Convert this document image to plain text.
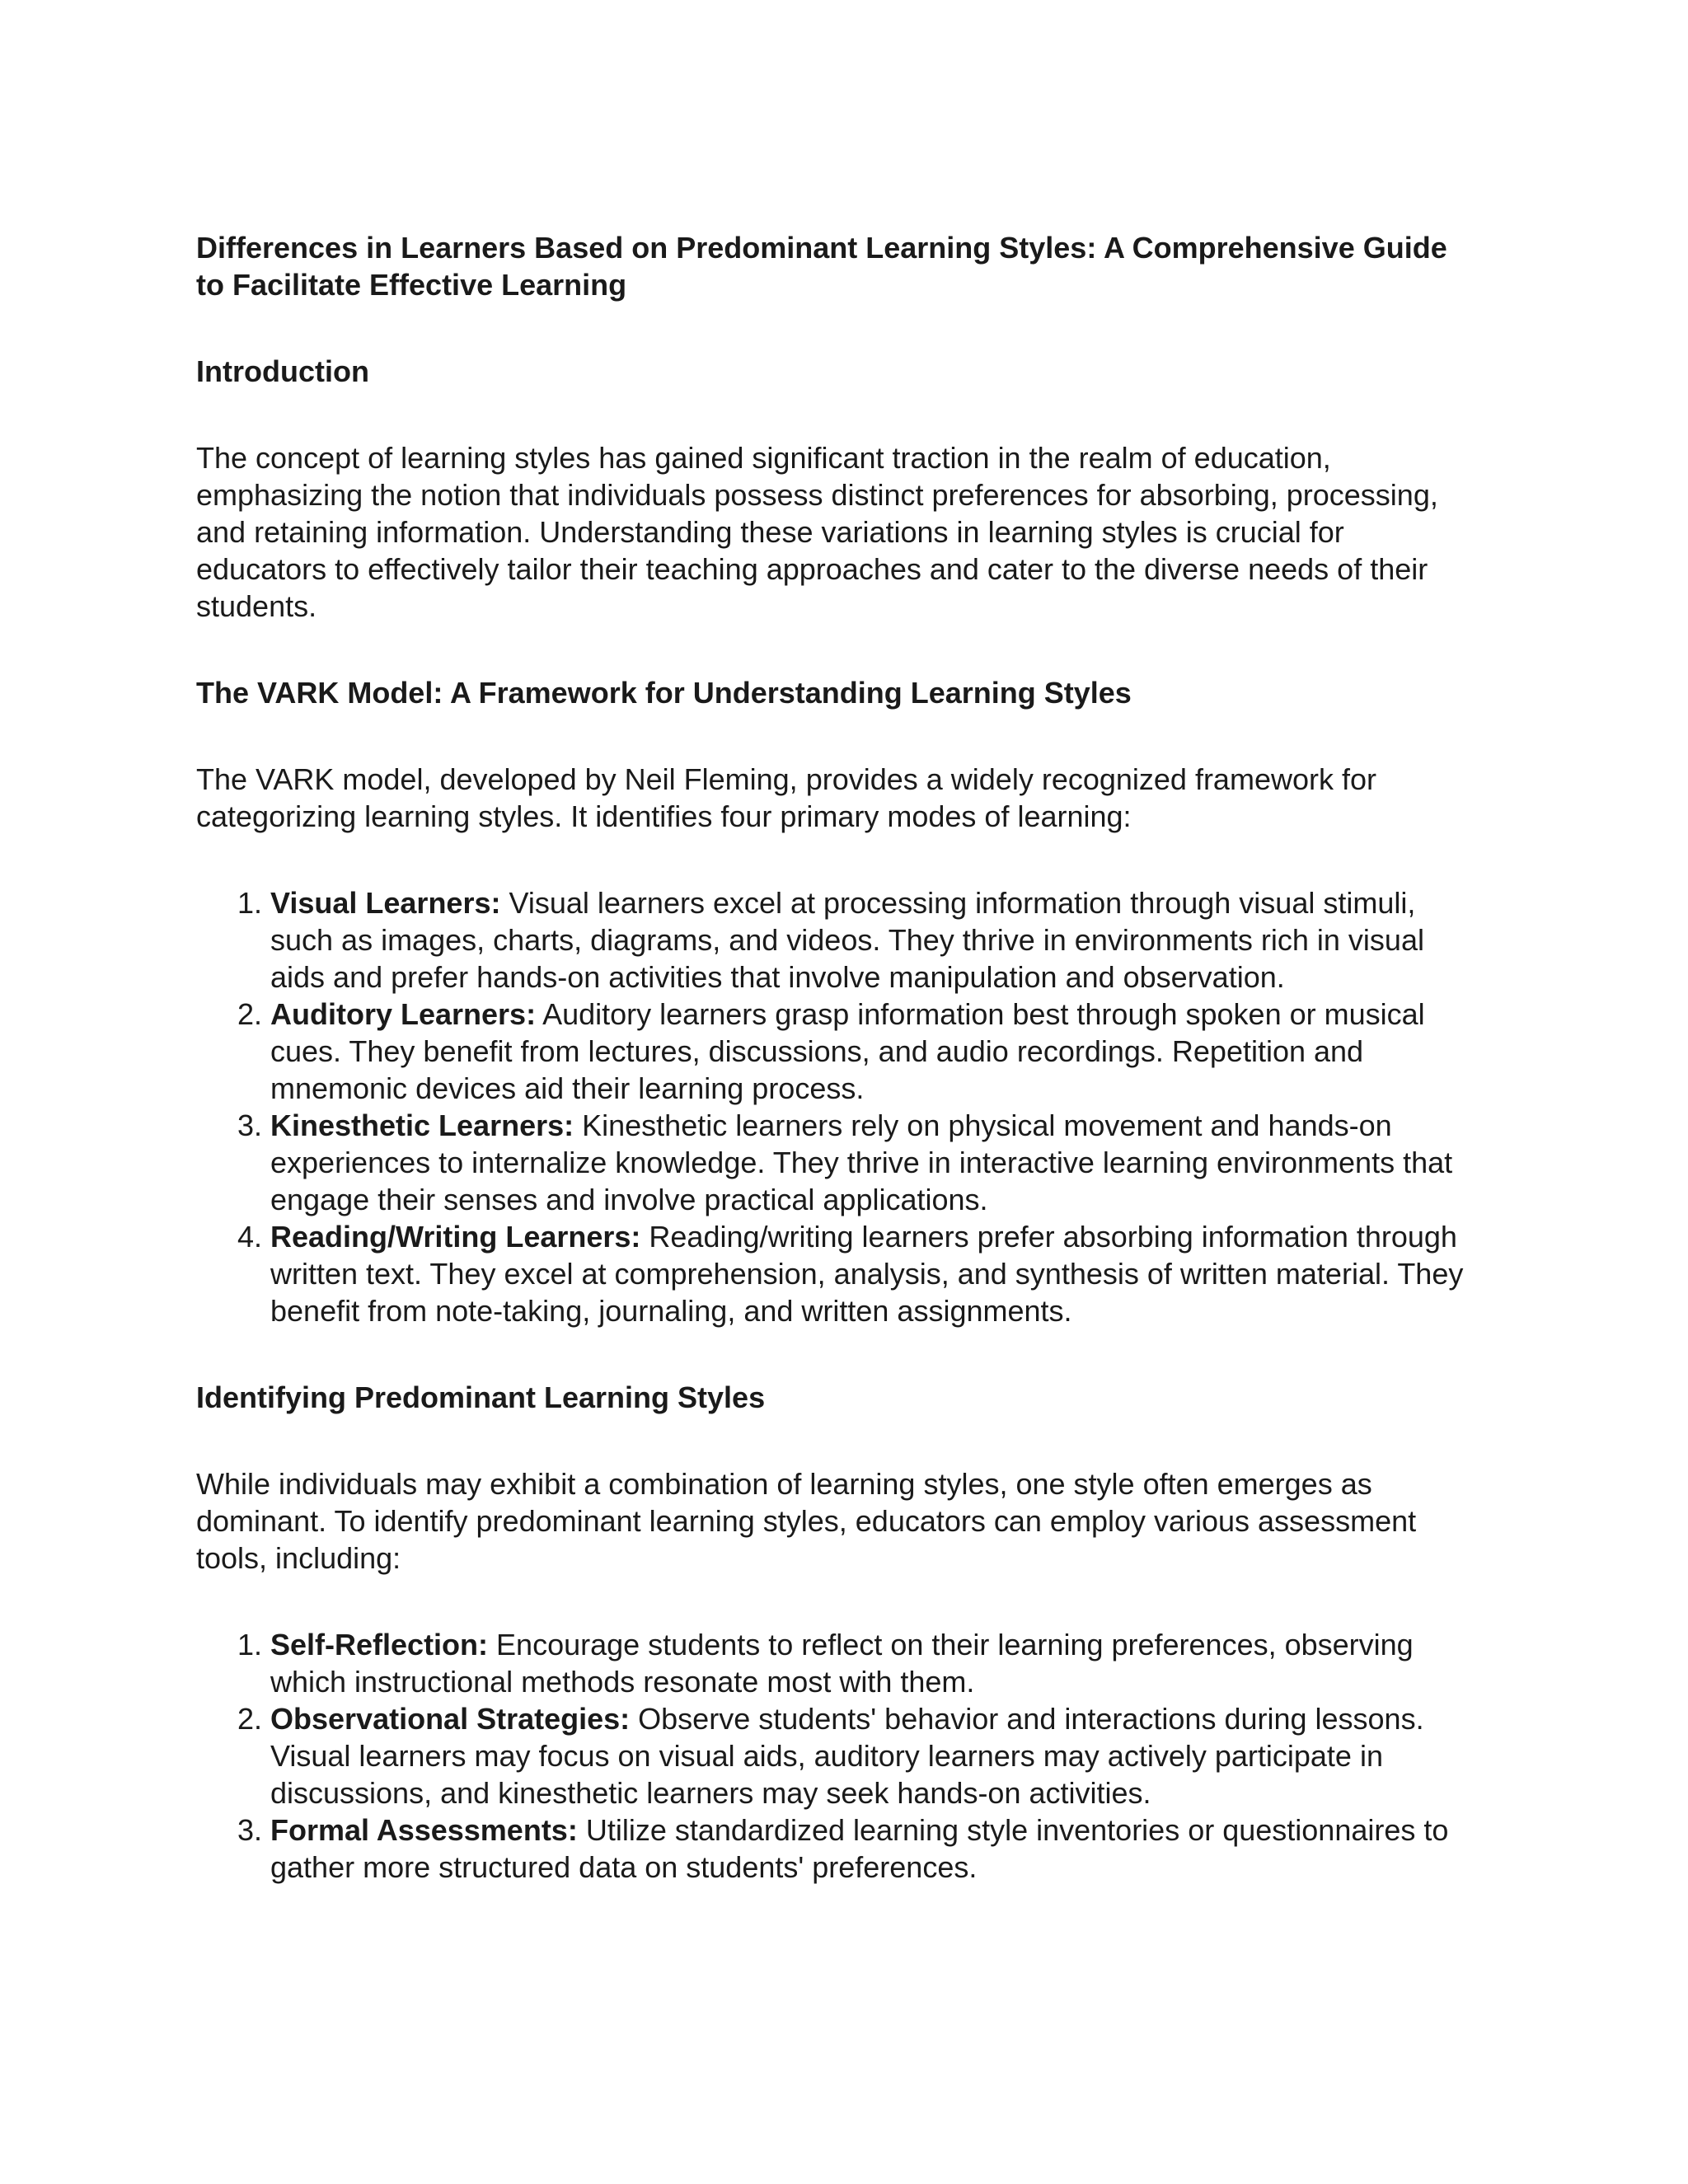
Differences in Learners Based on Predominant Learning Styles: A Comprehensive Guide to Facilitate Effective Learning
Introduction

The concept of learning styles has gained significant traction in the realm of education, emphasizing the notion that individuals possess distinct preferences for absorbing, processing, and retaining information. Understanding these variations in learning styles is crucial for educators to effectively tailor their teaching approaches and cater to the diverse needs of their students.

The VARK Model: A Framework for Understanding Learning Styles

The VARK model, developed by Neil Fleming, provides a widely recognized framework for categorizing learning styles. It identifies four primary modes of learning:

1. Visual Learners: Visual learners excel at processing information through visual stimuli, such as images, charts, diagrams, and videos. They thrive in environments rich in visual aids and prefer hands-on activities that involve manipulation and observation.
2. Auditory Learners: Auditory learners grasp information best through spoken or musical cues. They benefit from lectures, discussions, and audio recordings. Repetition and mnemonic devices aid their learning process.
3. Kinesthetic Learners: Kinesthetic learners rely on physical movement and hands-on experiences to internalize knowledge. They thrive in interactive learning environments that engage their senses and involve practical applications.
4. Reading/Writing Learners: Reading/writing learners prefer absorbing information through written text. They excel at comprehension, analysis, and synthesis of written material. They benefit from note-taking, journaling, and written assignments.
Identifying Predominant Learning Styles

While individuals may exhibit a combination of learning styles, one style often emerges as dominant. To identify predominant learning styles, educators can employ various assessment tools, including:

1. Self-Reflection: Encourage students to reflect on their learning preferences, observing which instructional methods resonate most with them.
2. Observational Strategies: Observe students' behavior and interactions during lessons. Visual learners may focus on visual aids, auditory learners may actively participate in discussions, and kinesthetic learners may seek hands-on activities.
3. Formal Assessments: Utilize standardized learning style inventories or questionnaires to gather more structured data on students' preferences.
